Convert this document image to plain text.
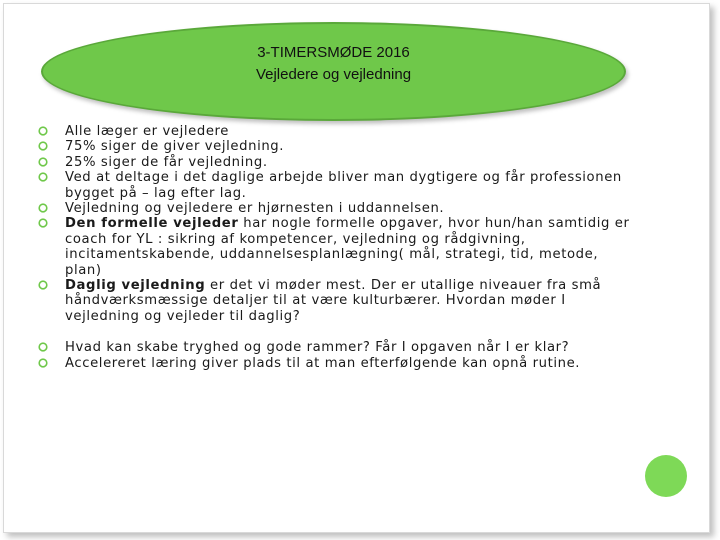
3-TIMERSMØDE 2016
Vejledere og vejledning
Alle læger er vejledere
75% siger de giver vejledning.
25% siger de får vejledning.
Ved at deltage i det daglige arbejde bliver man dygtigere og får professionen bygget på – lag efter lag.
Vejledning og vejledere er hjørnesten i uddannelsen.
Den formelle vejleder har nogle formelle opgaver, hvor hun/han samtidig er coach for YL : sikring af kompetencer, vejledning og rådgivning, incitamentskabende, uddannelsesplanlægning( mål, strategi, tid, metode, plan)
Daglig vejledning er det vi møder mest. Der er utallige niveauer fra små håndværksmæssige detaljer til at være kulturbærer. Hvordan møder I vejledning og vejleder til daglig?
Hvad kan skabe tryghed og gode rammer? Får I opgaven når I er klar?
Accelereret læring giver plads til at man efterfølgende kan opnå rutine.
